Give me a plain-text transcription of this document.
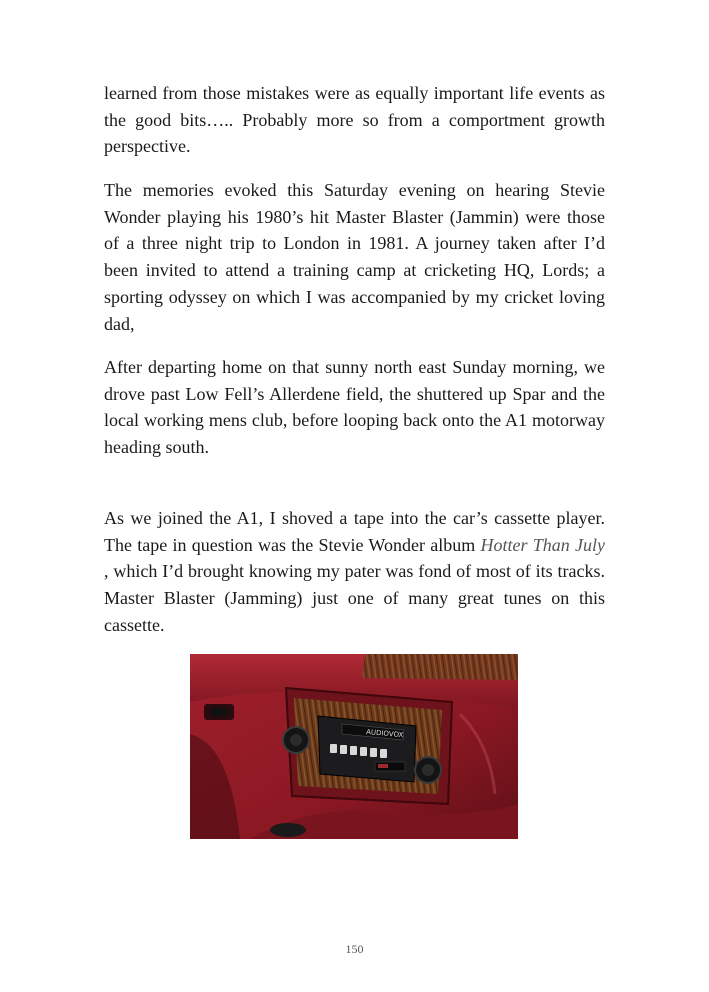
learned from those mistakes were as equally important life events as the good bits….. Probably more so from a comportment growth perspective.

The memories evoked this Saturday evening on hearing Stevie Wonder playing his 1980’s hit Master Blaster (Jammin) were those of a three night trip to London in 1981. A journey taken after I’d been invited to attend a training camp at cricketing HQ, Lords; a sporting odyssey on which I was accompanied by my cricket loving dad,

After departing home on that sunny north east Sunday morning, we drove past Low Fell’s Allerdene field, the shuttered up Spar and the local working mens club, before looping back onto the A1 motorway heading south.

As we joined the A1, I shoved a tape into the car’s cassette player. The tape in question was the Stevie Wonder album Hotter Than July , which I’d brought knowing my pater was fond of most of its tracks. Master Blaster (Jamming) just one of many great tunes on this cassette.

AUDIOVOX
150
